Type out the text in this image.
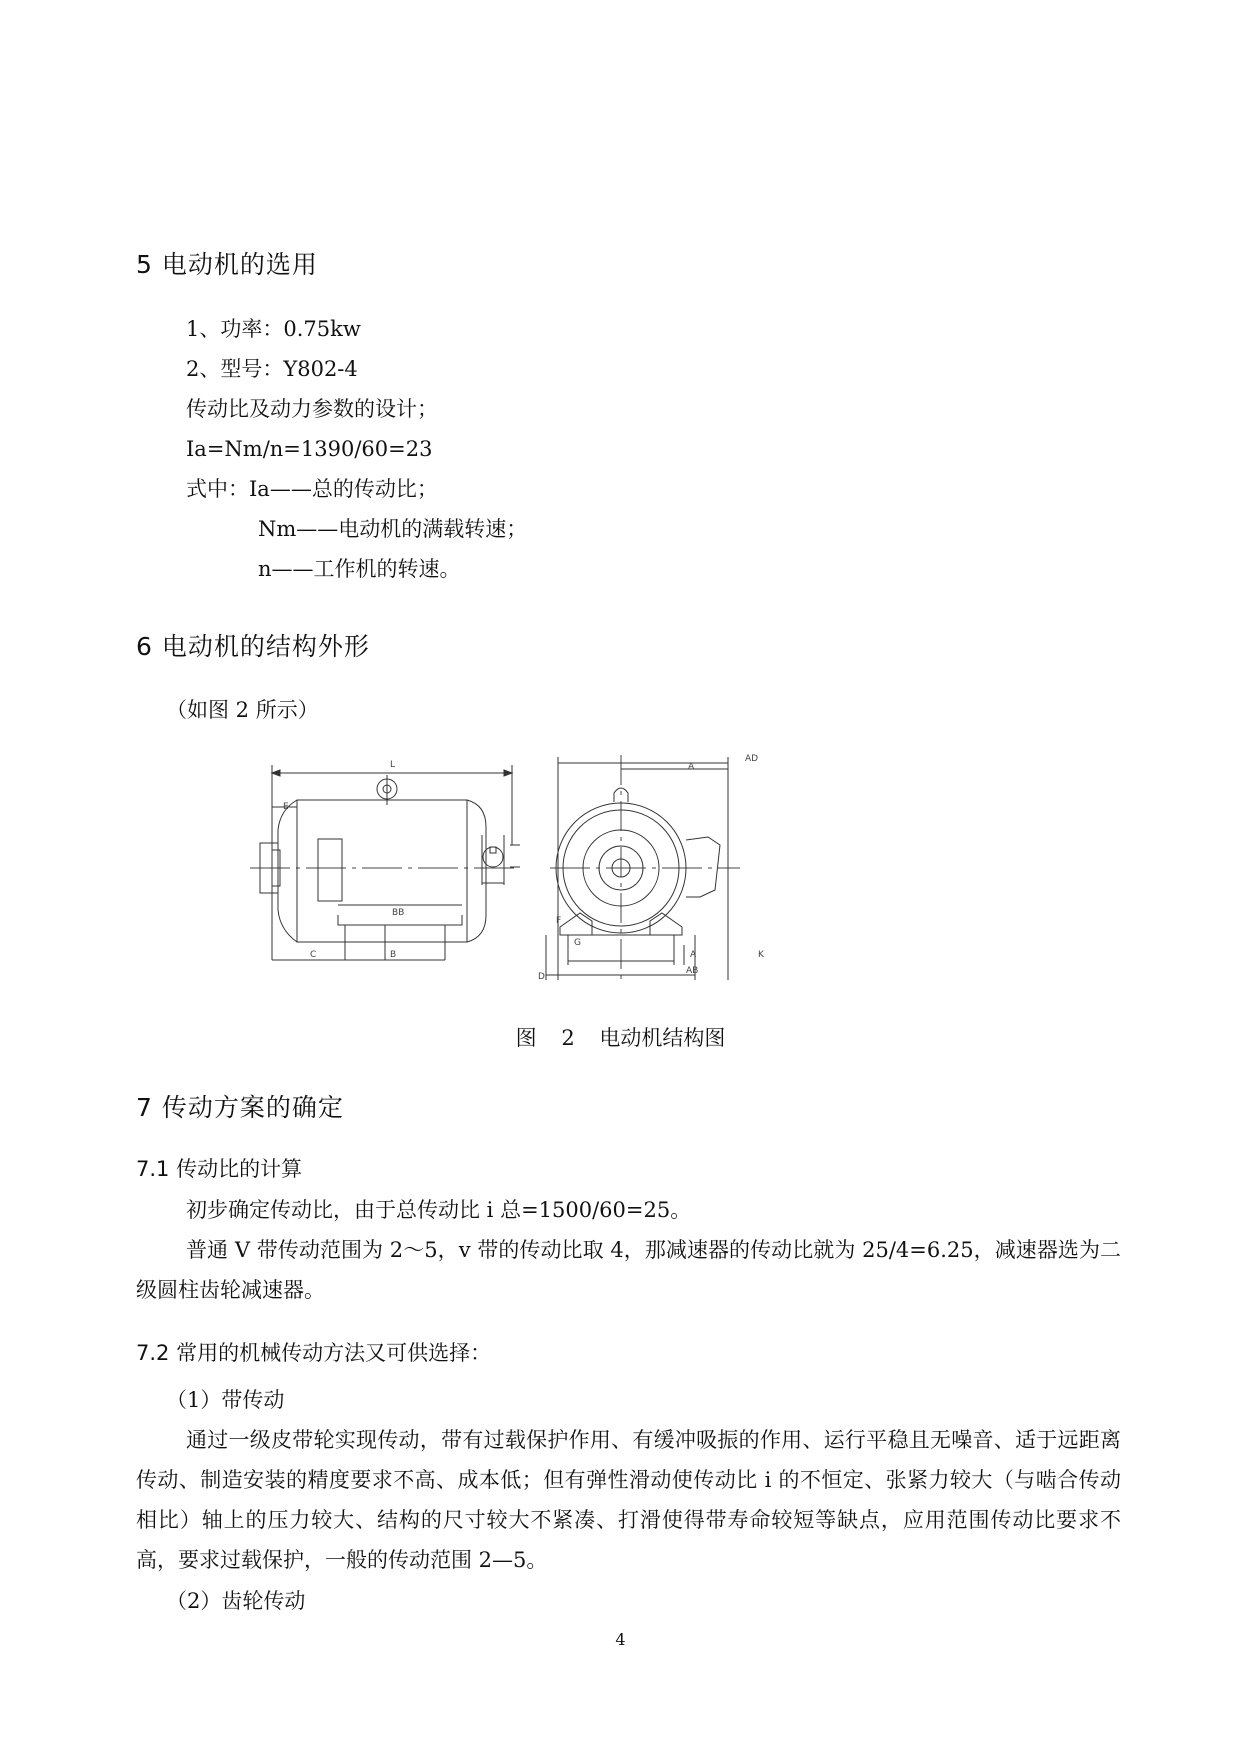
5 电动机的选用

1、功率：0.75kw

2、型号：Y802-4

传动比及动力参数的设计；

Ia=Nm/n=1390/60=23

式中：Ia——总的传动比；

Nm——电动机的满载转速；

n——工作机的转速。

6 电动机的结构外形

（如图 2 所示）

L
E
BB
C	B
F
G
D
A
AD
A
AB
K

图 2 电动机结构图

7 传动方案的确定
7.1 传动比的计算

初步确定传动比，由于总传动比 i 总=1500/60=25。

普通 V 带传动范围为 2～5，v 带的传动比取 4，那减速器的传动比就为 25/4=6.25，减速器选为二级圆柱齿轮减速器。

7.2 常用的机械传动方法又可供选择：

（1）带传动

通过一级皮带轮实现传动，带有过载保护作用、有缓冲吸振的作用、运行平稳且无噪音、适于远距离传动、制造安装的精度要求不高、成本低；但有弹性滑动使传动比 i 的不恒定、张紧力较大（与啮合传动相比）轴上的压力较大、结构的尺寸较大不紧凑、打滑使得带寿命较短等缺点，应用范围传动比要求不高，要求过载保护，一般的传动范围 2—5。

（2）齿轮传动

4
